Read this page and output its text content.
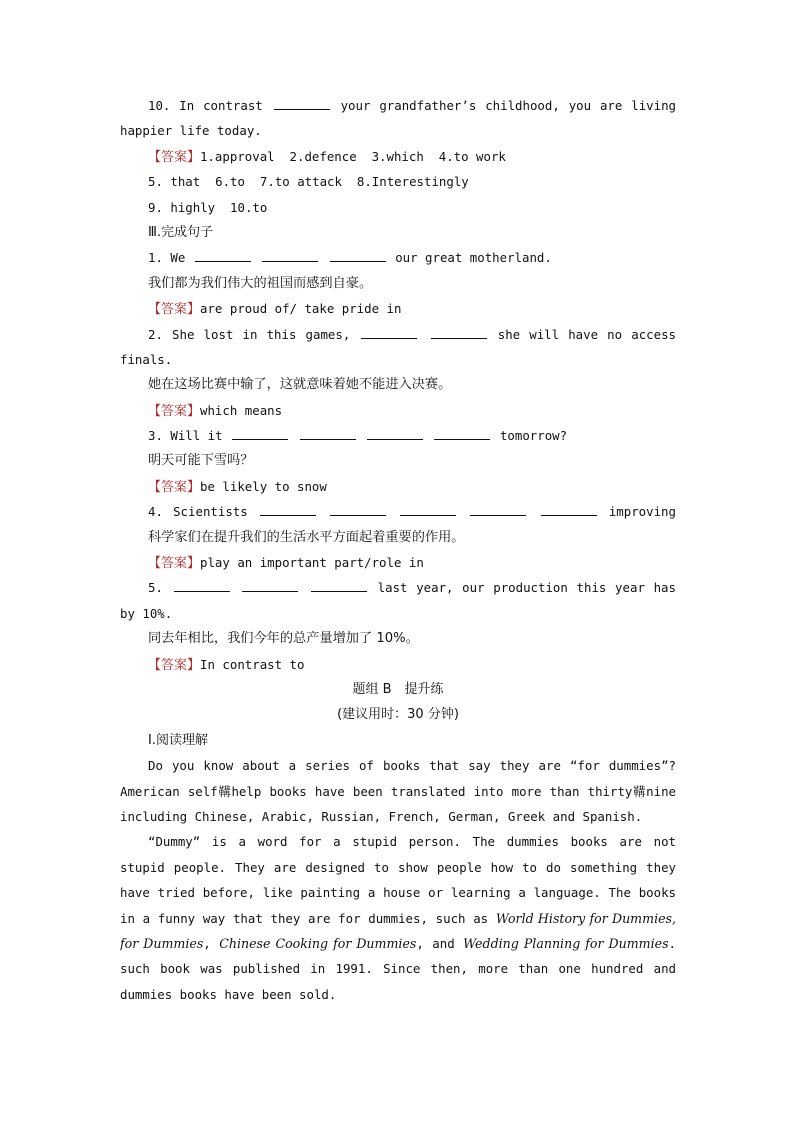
10. In contrast	your grandfather’s childhood, you are living
happier life today.
【答案】1.approval  2.defence  3.which  4.to work
5. that  6.to  7.to attack  8.Interestingly
9. highly  10.to
Ⅲ.完成句子
1. We	our great motherland.
我们都为我们伟大的祖国而感到自豪。
【答案】are proud of/ take pride in
2. She lost in this games,	she will have no access
finals.
她在这场比赛中输了，这就意味着她不能进入决赛。
【答案】which means
3. Will it	tomorrow?
明天可能下雪吗？
【答案】be likely to snow
4. Scientists	improving
科学家们在提升我们的生活水平方面起着重要的作用。
【答案】play an important part/role in
5.	last year, our production this year has
by 10%.
同去年相比，我们今年的总产量增加了 10%。
【答案】In contrast to
题组 B　提升练
(建议用时：30 分钟)
Ⅰ.阅读理解
Do you know about a series of books that say they are “for dummies”?
American self鞲help books have been translated into more than thirty鞲nine
including Chinese, Arabic, Russian, French, German, Greek and Spanish.
“Dummy” is a word for a stupid person. The dummies books are not
stupid people. They are designed to show people how to do something they
have tried before, like painting a house or learning a language. The books
in a funny way that they are for dummies, such as World History for Dummies,
for Dummies, Chinese Cooking for Dummies, and Wedding Planning for Dummies.
such book was published in 1991. Since then, more than one hundred and
dummies books have been sold.
